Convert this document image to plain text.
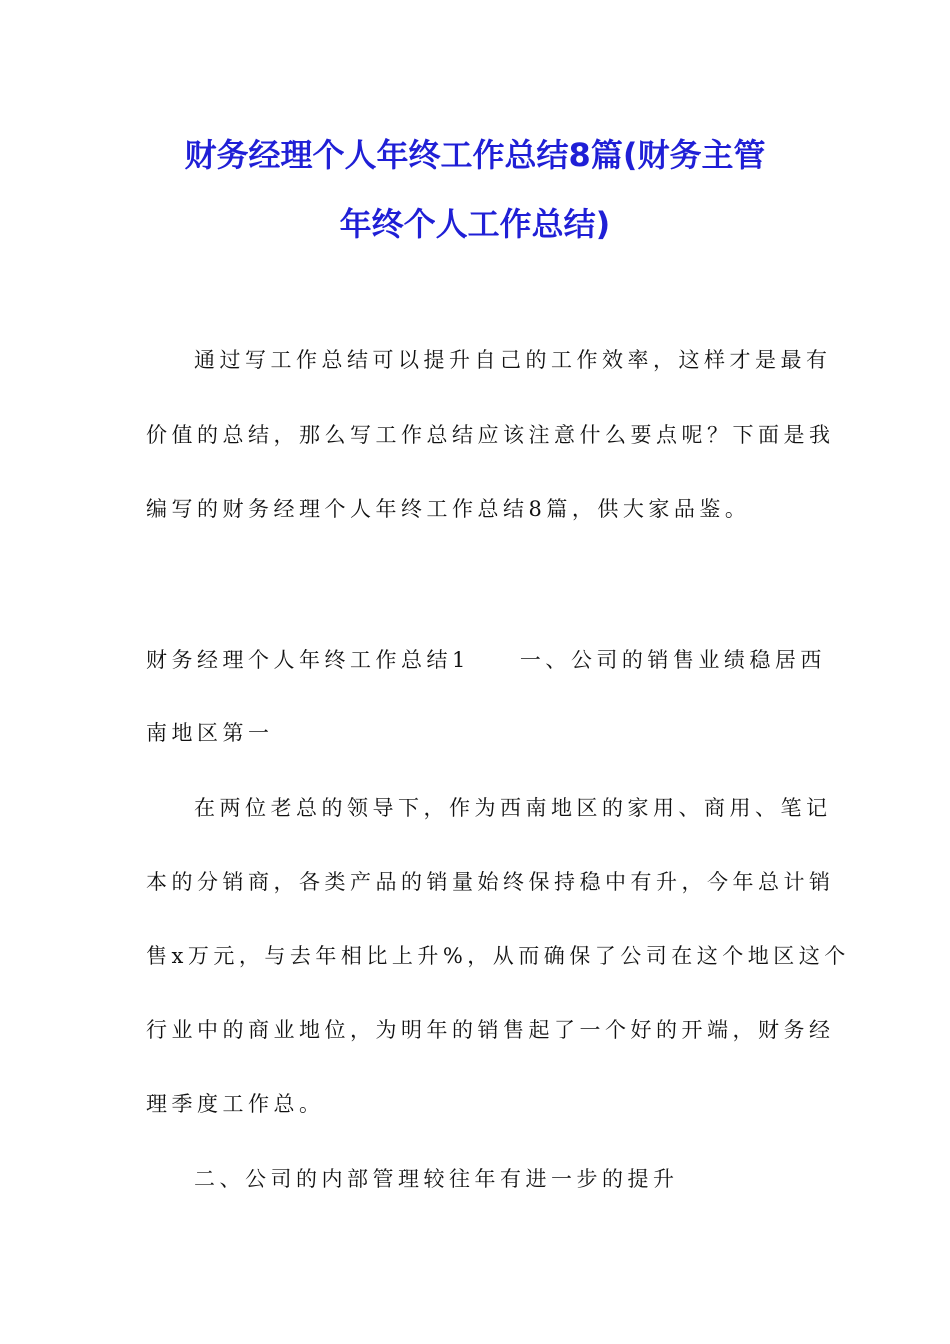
财务经理个人年终工作总结8篇(财务主管
年终个人工作总结)
通过写工作总结可以提升自己的工作效率，这样才是最有
价值的总结，那么写工作总结应该注意什么要点呢？下面是我
编写的财务经理个人年终工作总结8篇，供大家品鉴。
财务经理个人年终工作总结1 一、公司的销售业绩稳居西
南地区第一
在两位老总的领导下，作为西南地区的家用、商用、笔记
本的分销商，各类产品的销量始终保持稳中有升，今年总计销
售x万元，与去年相比上升%，从而确保了公司在这个地区这个
行业中的商业地位，为明年的销售起了一个好的开端，财务经
理季度工作总。
二、公司的内部管理较往年有进一步的提升
